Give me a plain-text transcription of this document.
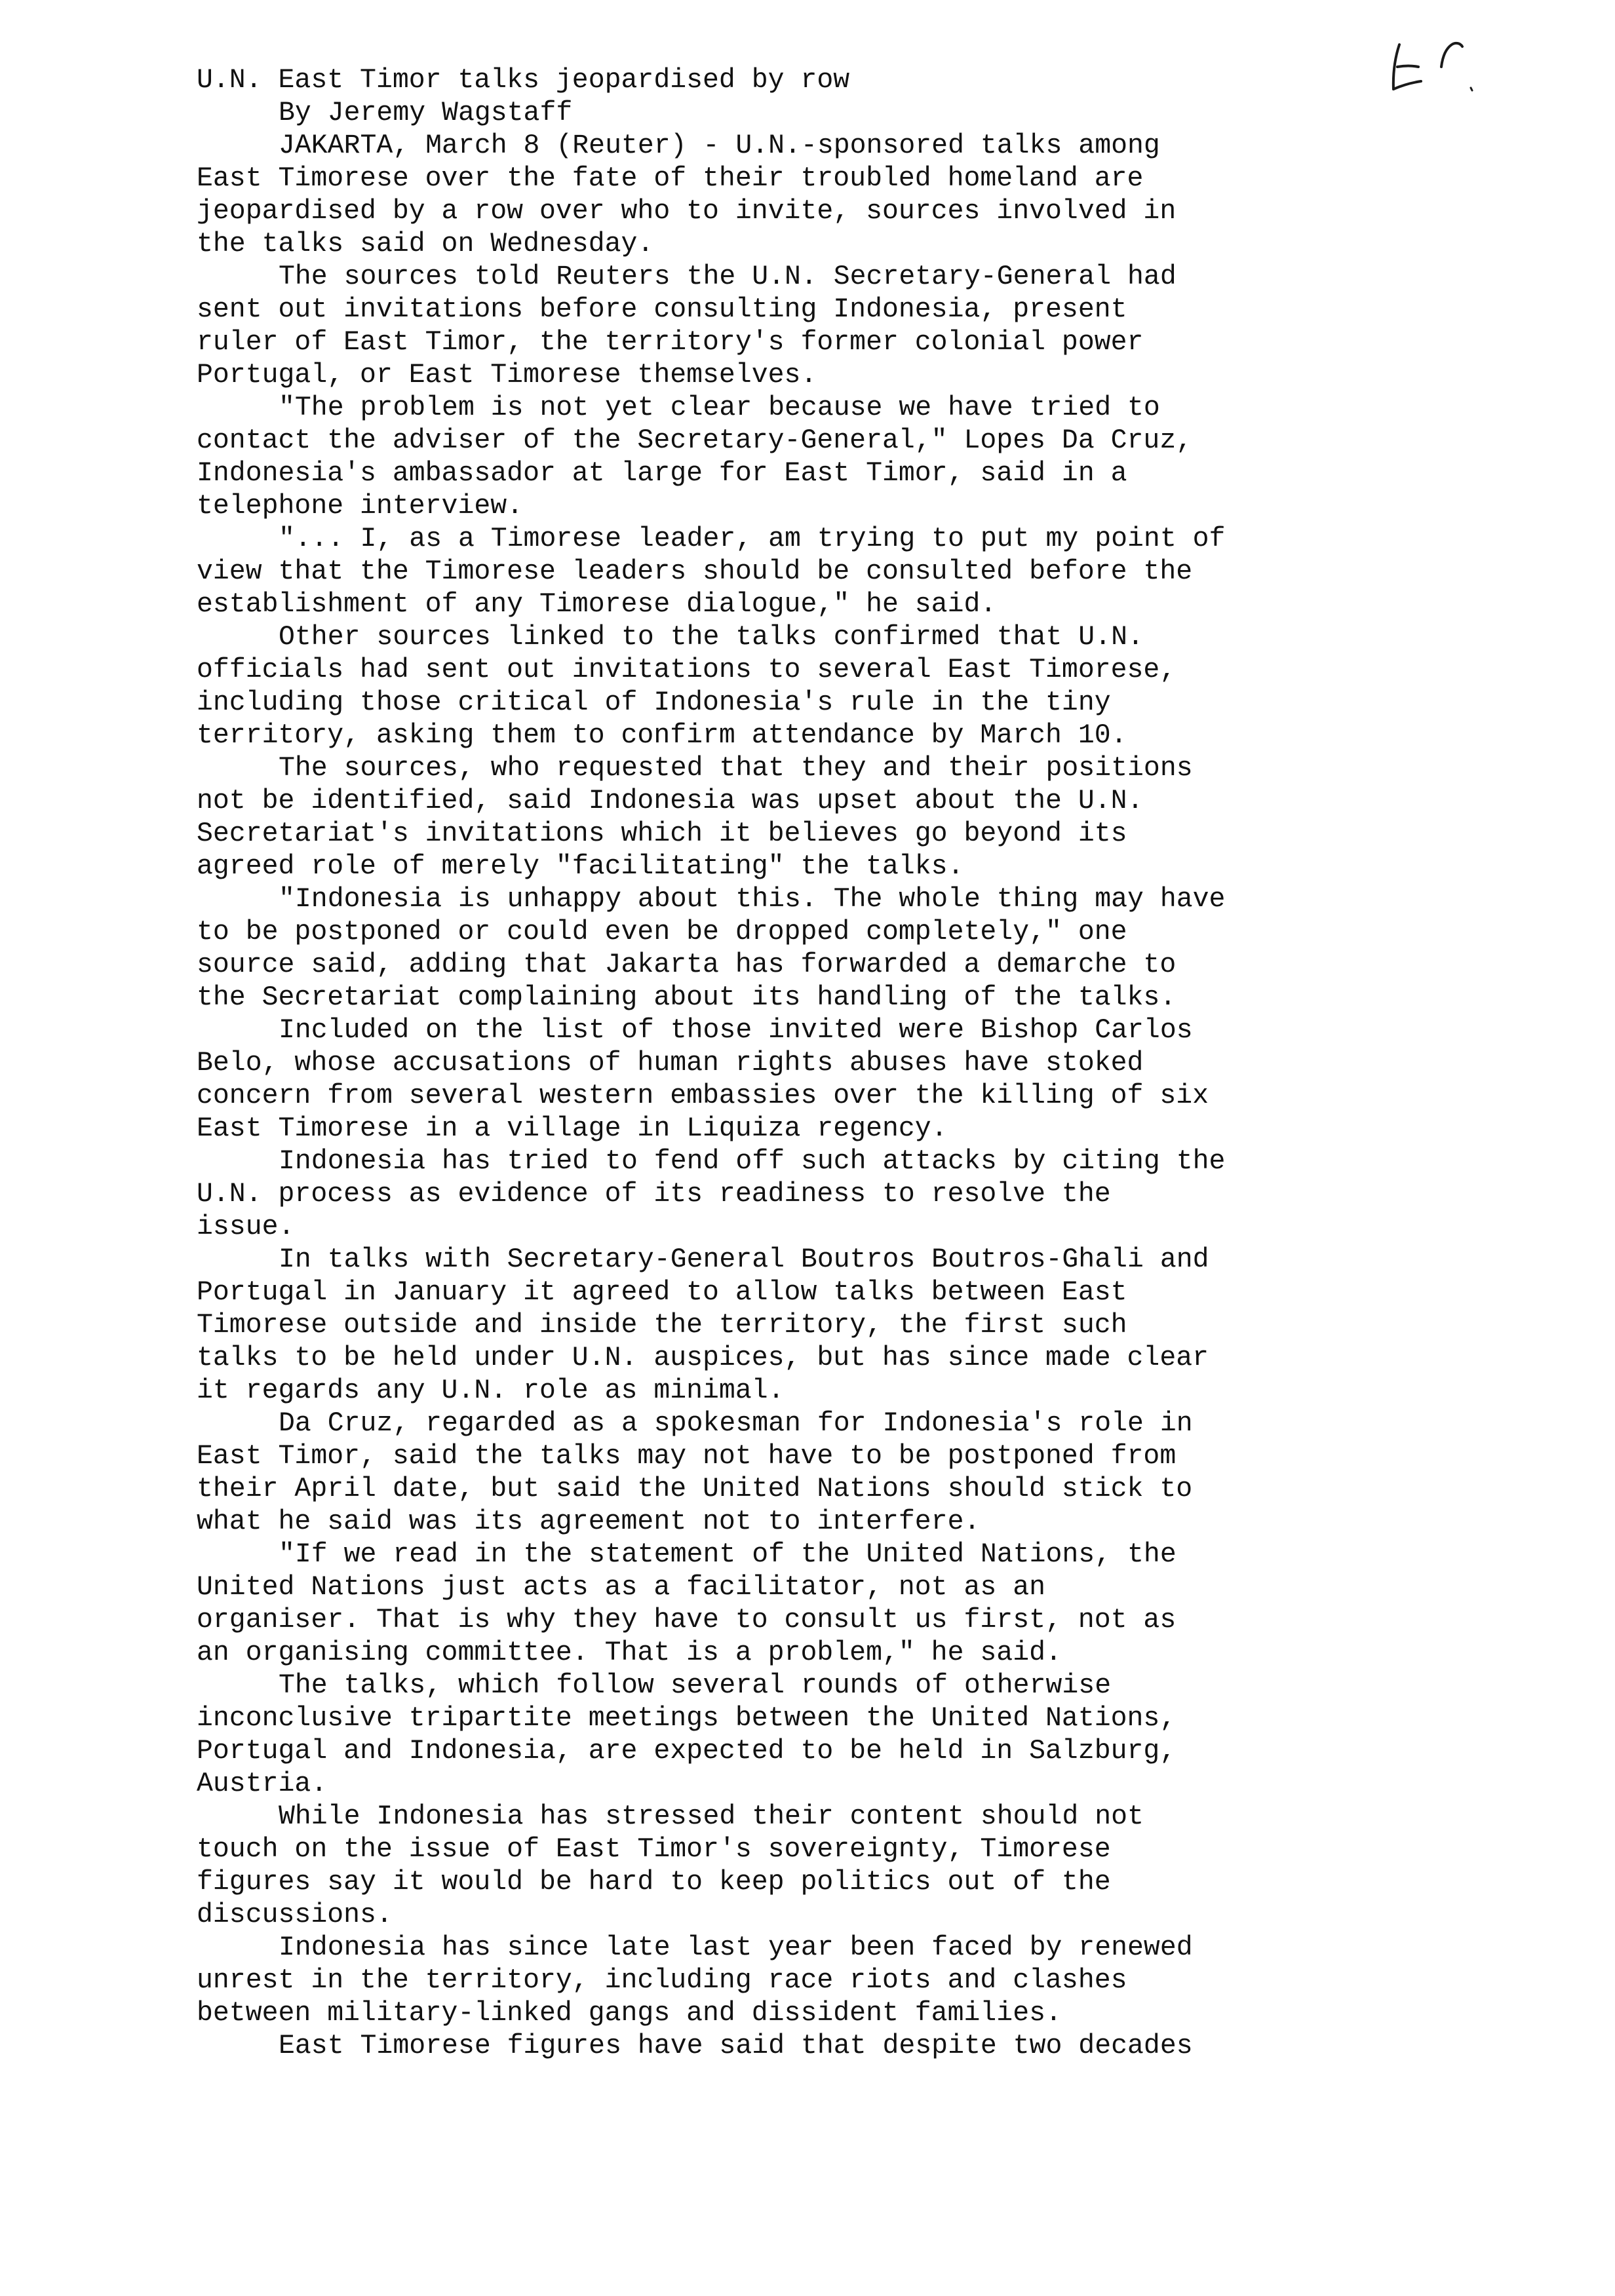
U.N. East Timor talks jeopardised by row

By Jeremy Wagstaff

JAKARTA, March 8 (Reuter) - U.N.-sponsored talks among

East Timorese over the fate of their troubled homeland are

jeopardised by a row over who to invite, sources involved in

the talks said on Wednesday.

The sources told Reuters the U.N. Secretary-General had

sent out invitations before consulting Indonesia, present

ruler of East Timor, the territory's former colonial power

Portugal, or East Timorese themselves.

"The problem is not yet clear because we have tried to

contact the adviser of the Secretary-General," Lopes Da Cruz,

Indonesia's ambassador at large for East Timor, said in a

telephone interview.

"... I, as a Timorese leader, am trying to put my point of

view that the Timorese leaders should be consulted before the

establishment of any Timorese dialogue," he said.

Other sources linked to the talks confirmed that U.N.

officials had sent out invitations to several East Timorese,

including those critical of Indonesia's rule in the tiny

territory, asking them to confirm attendance by March 10.

The sources, who requested that they and their positions

not be identified, said Indonesia was upset about the U.N.

Secretariat's invitations which it believes go beyond its

agreed role of merely "facilitating" the talks.

"Indonesia is unhappy about this. The whole thing may have

to be postponed or could even be dropped completely," one

source said, adding that Jakarta has forwarded a demarche to

the Secretariat complaining about its handling of the talks.

Included on the list of those invited were Bishop Carlos

Belo, whose accusations of human rights abuses have stoked

concern from several western embassies over the killing of six

East Timorese in a village in Liquiza regency.

Indonesia has tried to fend off such attacks by citing the

U.N. process as evidence of its readiness to resolve the

issue.

In talks with Secretary-General Boutros Boutros-Ghali and

Portugal in January it agreed to allow talks between East

Timorese outside and inside the territory, the first such

talks to be held under U.N. auspices, but has since made clear

it regards any U.N. role as minimal.

Da Cruz, regarded as a spokesman for Indonesia's role in

East Timor, said the talks may not have to be postponed from

their April date, but said the United Nations should stick to

what he said was its agreement not to interfere.

"If we read in the statement of the United Nations, the

United Nations just acts as a facilitator, not as an

organiser. That is why they have to consult us first, not as

an organising committee. That is a problem," he said.

The talks, which follow several rounds of otherwise

inconclusive tripartite meetings between the United Nations,

Portugal and Indonesia, are expected to be held in Salzburg,

Austria.

While Indonesia has stressed their content should not

touch on the issue of East Timor's sovereignty, Timorese

figures say it would be hard to keep politics out of the

discussions.

Indonesia has since late last year been faced by renewed

unrest in the territory, including race riots and clashes

between military-linked gangs and dissident families.

East Timorese figures have said that despite two decades
